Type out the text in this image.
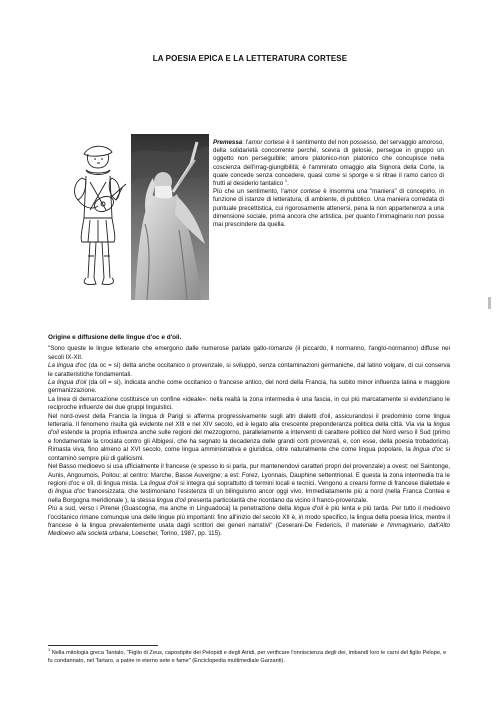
LA POESIA EPICA E LA LETTERATURA CORTESE

Premessa: l'amor cortese è il sentimento del non possesso, del servaggio amoroso, della solidarietà concorrente perché, scevra di gelosie, persegue in gruppo un oggetto non perseguibile; amore platonico-non platonico che concupisce nella coscienza dell'irrag-giungibilità; è l'ammirato omaggio alla Signora della Corte, la quale concede senza concedere, quasi come si sporge e si ritrae il ramo carico di frutti al desiderio tantalico $^1$.

Più che un sentimento, l'amor cortese è insomma una "maniera" di concepirlo, in funzione di istanze di letteratura, di ambiente, di pubblico. Una maniera corredata di puntuale precettistica, cui rigorosamente attenersi, pena la non appartenenza a una dimensione sociale, prima ancora che artistica, per quanto l'immaginario non possa mai prescindere da quella.

Origine e diffusione delle lingue d'oc e d'oil.

"Sono queste le lingue letterarie che emergono dalle numerose parlate gallo-romanze (il piccardo, il normanno, l'anglo-normanno) diffuse nei secoli IX-XII.

La lingua d'oc (da oc = sì) detta anche occitanico o provenzale, si sviluppò, senza contaminazioni germaniche, dal latino volgare, di cui conserva le caratteristiche fondamentali.

La lingua d'oil (da oïl = sì), indicata anche come occitanico o francese antico, del nord della Francia, ha subito minor influenza latina e maggiore germanizzazione.

La linea di demarcazione costituisce un confine «ideale»: nella realtà la zona intermedia è una fascia, in cui più marcatamente si evidenziano le reciproche influenze dei due gruppi linguistici.

Nel nord-ovest della Francia la lingua di Parigi si afferma progressivamente sugli altri dialetti d'oil, assicurandosi il predominio come lingua letteraria. Il fenomeno risulta già evidente nel XIII e nel XIV secolo, ed è legato alla crescente preponderanza politica della città. Via via la lingua d'oil estende la propria influenza anche sulle regioni del mezzogiorno, parallelamente a interventi di carattere politico del Nord verso il Sud (primo e fondamentale la crociata contro gli Albigesi, che ha segnato la decadenza delle grandi corti provenzali, e, con esse, della poesia trobadorica). Rimasta viva, fino almeno al XVI secolo, come lingua amministrativa e giuridica, oltre naturalmente che come lingua popolare, la lingua d'oc si contaminò sempre più di gallicismi.

Nel Basso medioevo si usa ufficialmente il francese (e spesso lo si parla, pur mantenendovi caratteri propri del provenzale) a ovest: nel Saintonge, Aunis, Angoumois, Poitou; al centro: Marche, Basse Auvergne; a est: Forez, Lyonnais, Dauphine settentrional. E questa la zona intermedia tra le regioni d'oc e oïl, di lingua mista. La lingua d'oil si integra qui soprattutto di termini locali e tecnici. Vengono a crearsi forme di francese dialettale e di lingua d'oc francesizzata, che testimoniano l'esistenza di un bilinguismo ancor oggi vivo. Immediatamente più a nord (nella Franca Contea e nella Borgogna meridionale ), la stessa lingua d'oil presenta particolarità che ricordano da vicino il franco-provenzale.

Più a sud, verso i Pirenei (Guascogna, ma anche in Linguadoca) la penetrazione della lingua d'oil è più lenta e più tarda. Per tutto il medioevo l'occitanico rimane comunque una delle lingue più importanti: fino all'inizio del secolo XII è, in modo specifico, la lingua della poesia lirica, mentre il francese è la lingua prevalentemente usata dagli scrittori dei generi narrativi" (Ceserani-De Federicis, Il materiale e l'immaginario, dall'Alto Medioevo alla società urbana, Loescher, Torino, 1987, pp. 115).

$^1$ Nella mitologia greca Tantalo, "Figlio di Zeus, capostipite dei Pelopidi e degli Atridi, per verificare l'onniscienza degli dei, imbandì loro le carni del figlio Pelope, e fu condannato, nel Tartaro, a patire in eterno sete e fame" (Enciclopedia multimediale Garzanti).
